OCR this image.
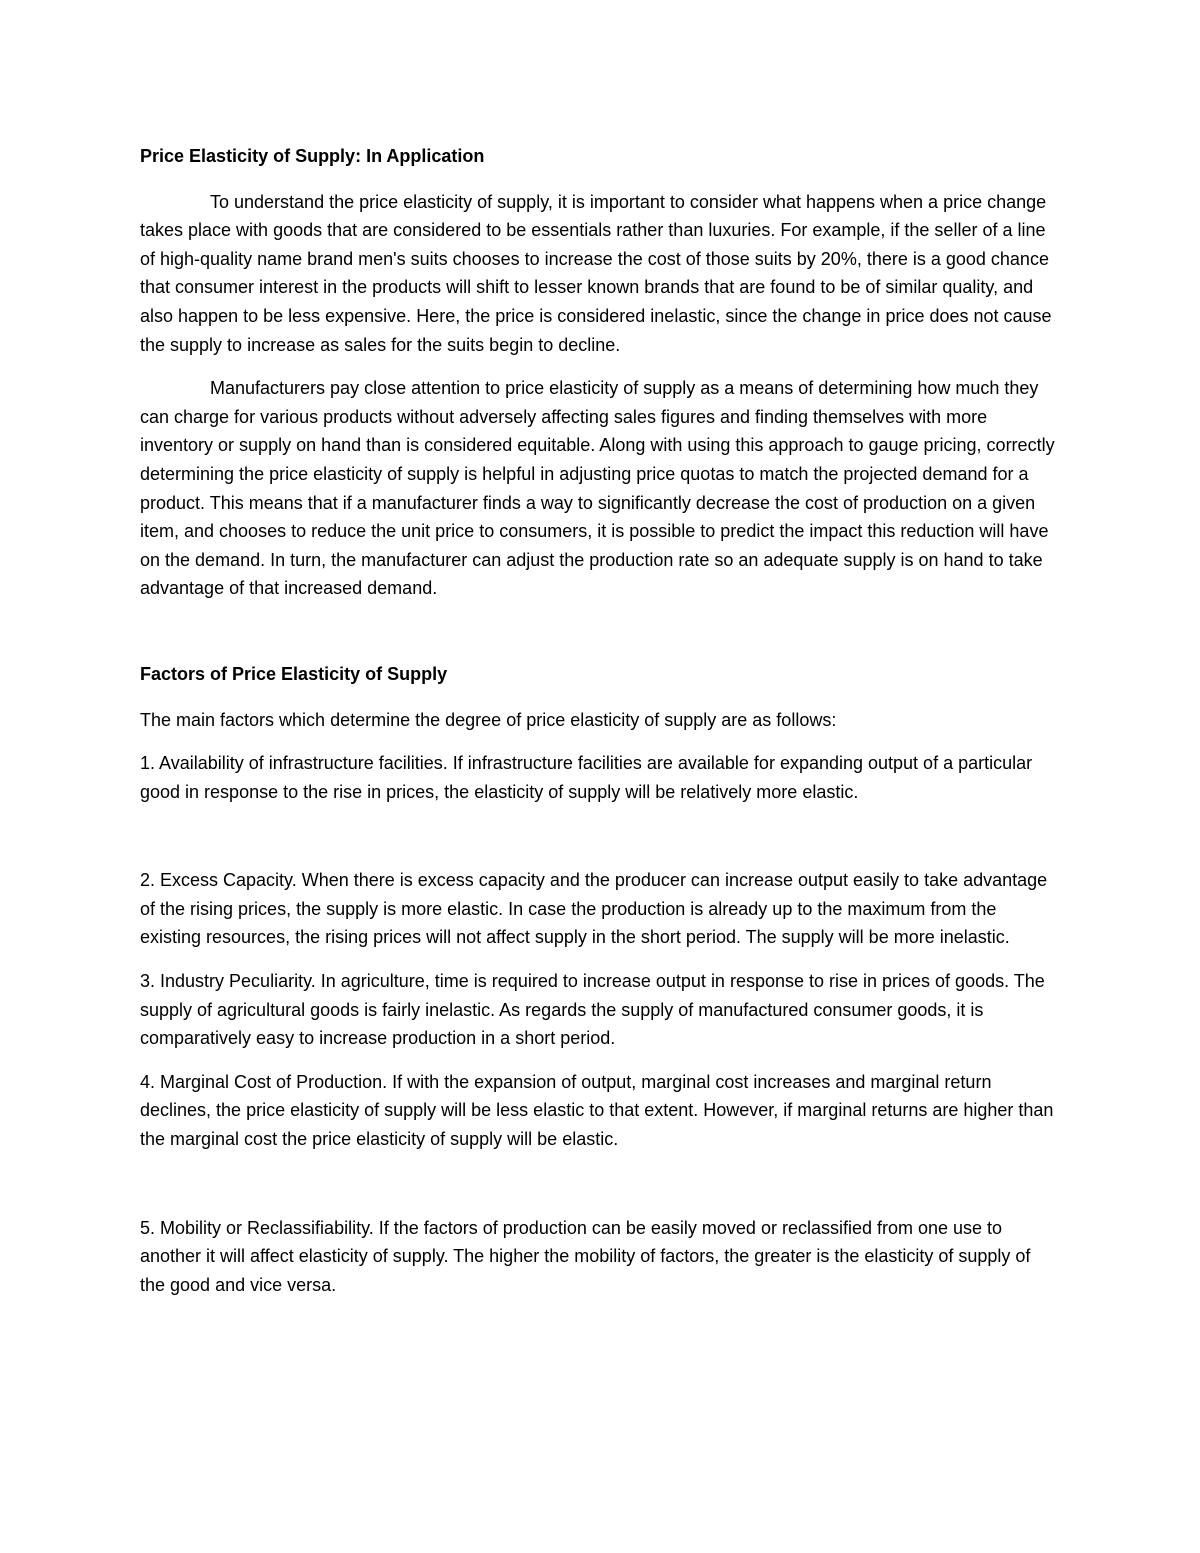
Price Elasticity of Supply: In Application

To understand the price elasticity of supply, it is important to consider what happens when a price change takes place with goods that are considered to be essentials rather than luxuries. For example, if the seller of a line of high-quality name brand men's suits chooses to increase the cost of those suits by 20%, there is a good chance that consumer interest in the products will shift to lesser known brands that are found to be of similar quality, and also happen to be less expensive. Here, the price is considered inelastic, since the change in price does not cause the supply to increase as sales for the suits begin to decline.

Manufacturers pay close attention to price elasticity of supply as a means of determining how much they can charge for various products without adversely affecting sales figures and finding themselves with more inventory or supply on hand than is considered equitable. Along with using this approach to gauge pricing, correctly determining the price elasticity of supply is helpful in adjusting price quotas to match the projected demand for a product. This means that if a manufacturer finds a way to significantly decrease the cost of production on a given item, and chooses to reduce the unit price to consumers, it is possible to predict the impact this reduction will have on the demand. In turn, the manufacturer can adjust the production rate so an adequate supply is on hand to take advantage of that increased demand.

Factors of Price Elasticity of Supply

The main factors which determine the degree of price elasticity of supply are as follows:

1. Availability of infrastructure facilities. If infrastructure facilities are available for expanding output of a particular good in response to the rise in prices, the elasticity of supply will be relatively more elastic.

2. Excess Capacity. When there is excess capacity and the producer can increase output easily to take advantage of the rising prices, the supply is more elastic. In case the production is already up to the maximum from the existing resources, the rising prices will not affect supply in the short period. The supply will be more inelastic.

3. Industry Peculiarity. In agriculture, time is required to increase output in response to rise in prices of goods. The supply of agricultural goods is fairly inelastic. As regards the supply of manufactured consumer goods, it is comparatively easy to increase production in a short period.

4. Marginal Cost of Production. If with the expansion of output, marginal cost increases and marginal return declines, the price elasticity of supply will be less elastic to that extent. However, if marginal returns are higher than the marginal cost the price elasticity of supply will be elastic.

5. Mobility or Reclassifiability. If the factors of production can be easily moved or reclassified from one use to another it will affect elasticity of supply. The higher the mobility of factors, the greater is the elasticity of supply of the good and vice versa.
